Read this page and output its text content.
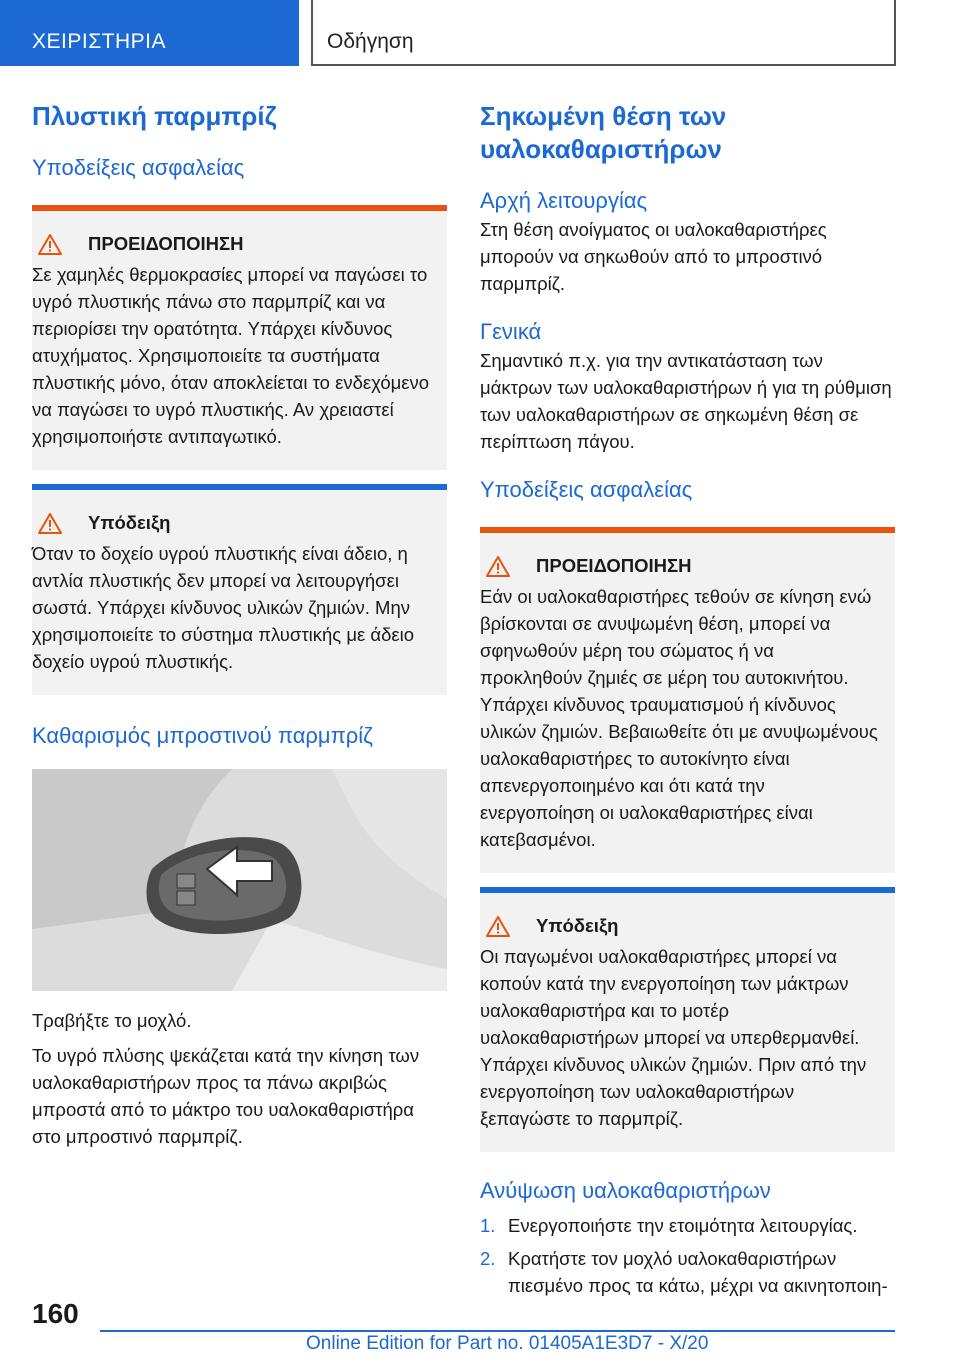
ΧΕΙΡΙΣΤΗΡΙΑ	Οδήγηση
Πλυστική παρμπρίζ
Υποδείξεις ασφαλείας
ΠΡΟΕΙΔΟΠΟΙΗΣΗ

Σε χαμηλές θερμοκρασίες μπορεί να παγώσει το υγρό πλυστικής πάνω στο παρμπρίζ και να περιορίσει την ορατότητα. Υπάρχει κίνδυνος ατυχήματος. Χρησιμοποιείτε τα συστήματα πλυστικής μόνο, όταν αποκλείεται το ενδεχόμενο να παγώσει το υγρό πλυστικής. Αν χρειαστεί χρησιμοποιήστε αντιπαγωτικό.

Υπόδειξη

Όταν το δοχείο υγρού πλυστικής είναι άδειο, η αντλία πλυστικής δεν μπορεί να λειτουργήσει σωστά. Υπάρχει κίνδυνος υλικών ζημιών. Μην χρησιμοποιείτε το σύστημα πλυστικής με άδειο δοχείο υγρού πλυστικής.

Καθαρισμός μπροστινού παρμπρίζ

Τραβήξτε το μοχλό.

Το υγρό πλύσης ψεκάζεται κατά την κίνηση των υαλοκαθαριστήρων προς τα πάνω ακριβώς μπροστά από το μάκτρο του υαλοκαθαριστήρα στο μπροστινό παρμπρίζ.

Σηκωμένη θέση των υαλοκαθαριστήρων
Αρχή λειτουργίας

Στη θέση ανοίγματος οι υαλοκαθαριστήρες μπορούν να σηκωθούν από το μπροστινό παρμπρίζ.

Γενικά

Σημαντικό π.χ. για την αντικατάσταση των μάκτρων των υαλοκαθαριστήρων ή για τη ρύθμιση των υαλοκαθαριστήρων σε σηκωμένη θέση σε περίπτωση πάγου.

Υποδείξεις ασφαλείας
ΠΡΟΕΙΔΟΠΟΙΗΣΗ

Εάν οι υαλοκαθαριστήρες τεθούν σε κίνηση ενώ βρίσκονται σε ανυψωμένη θέση, μπορεί να σφηνωθούν μέρη του σώματος ή να προκληθούν ζημιές σε μέρη του αυτοκινήτου. Υπάρχει κίνδυνος τραυματισμού ή κίνδυνος υλικών ζημιών. Βεβαιωθείτε ότι με ανυψωμένους υαλοκαθαριστήρες το αυτοκίνητο είναι απενεργοποιημένο και ότι κατά την ενεργοποίηση οι υαλοκαθαριστήρες είναι κατεβασμένοι.

Υπόδειξη

Οι παγωμένοι υαλοκαθαριστήρες μπορεί να κοπούν κατά την ενεργοποίηση των μάκτρων υαλοκαθαριστήρα και το μοτέρ υαλοκαθαριστήρων μπορεί να υπερθερμανθεί. Υπάρχει κίνδυνος υλικών ζημιών. Πριν από την ενεργοποίηση των υαλοκαθαριστήρων ξεπαγώστε το παρμπρίζ.

Ανύψωση υαλοκαθαριστήρων
1. Ενεργοποιήστε την ετοιμότητα λειτουργίας.
2. Κρατήστε τον μοχλό υαλοκαθαριστήρων πιεσμένο προς τα κάτω, μέχρι να ακινητοποιη-
160
Online Edition for Part no. 01405A1E3D7 - X/20
